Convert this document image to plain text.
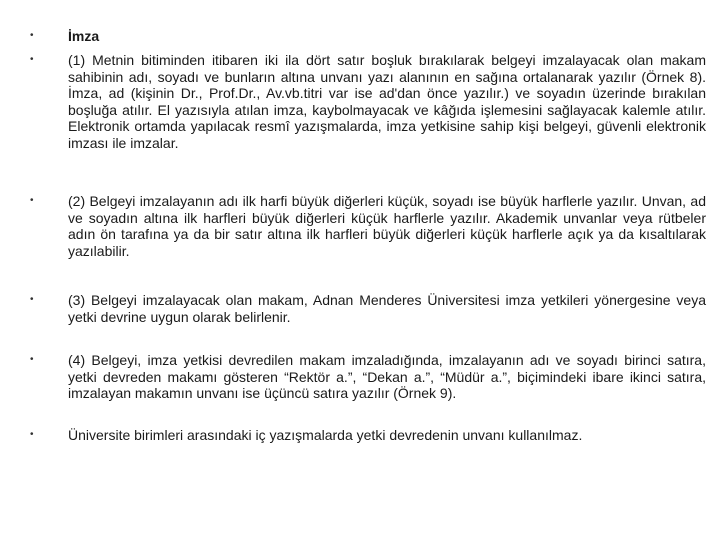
•	İmza
•	(1) Metnin bitiminden itibaren iki ila dört satır boşluk bırakılarak belgeyi imzalayacak olan makam sahibinin adı, soyadı ve bunların altına unvanı yazı alanının en sağına ortalanarak yazılır (Örnek 8). İmza, ad (kişinin Dr., Prof.Dr., Av.vb.titri var ise ad'dan önce yazılır.) ve soyadın üzerinde bırakılan boşluğa atılır. El yazısıyla atılan imza, kaybolmayacak ve kâğıda işlemesini sağlayacak kalemle atılır. Elektronik ortamda yapılacak resmî yazışmalarda, imza yetkisine sahip kişi belgeyi, güvenli elektronik imzası ile imzalar.
•	(2) Belgeyi imzalayanın adı ilk harfi büyük diğerleri küçük, soyadı ise büyük harflerle yazılır. Unvan, ad ve soyadın altına ilk harfleri büyük diğerleri küçük harflerle yazılır. Akademik unvanlar veya rütbeler adın ön tarafına ya da bir satır altına ilk harfleri büyük diğerleri küçük harflerle açık ya da kısaltılarak yazılabilir.
•	(3) Belgeyi imzalayacak olan makam, Adnan Menderes Üniversitesi imza yetkileri yönergesine veya yetki devrine uygun olarak belirlenir.
•	(4) Belgeyi, imza yetkisi devredilen makam imzaladığında, imzalayanın adı ve soyadı birinci satıra, yetki devreden makamı gösteren “Rektör a.”, “Dekan a.”, “Müdür a.”, biçimindeki ibare ikinci satıra, imzalayan makamın unvanı ise üçüncü satıra yazılır (Örnek 9).
•	Üniversite birimleri arasındaki iç yazışmalarda yetki devredenin unvanı kullanılmaz.
